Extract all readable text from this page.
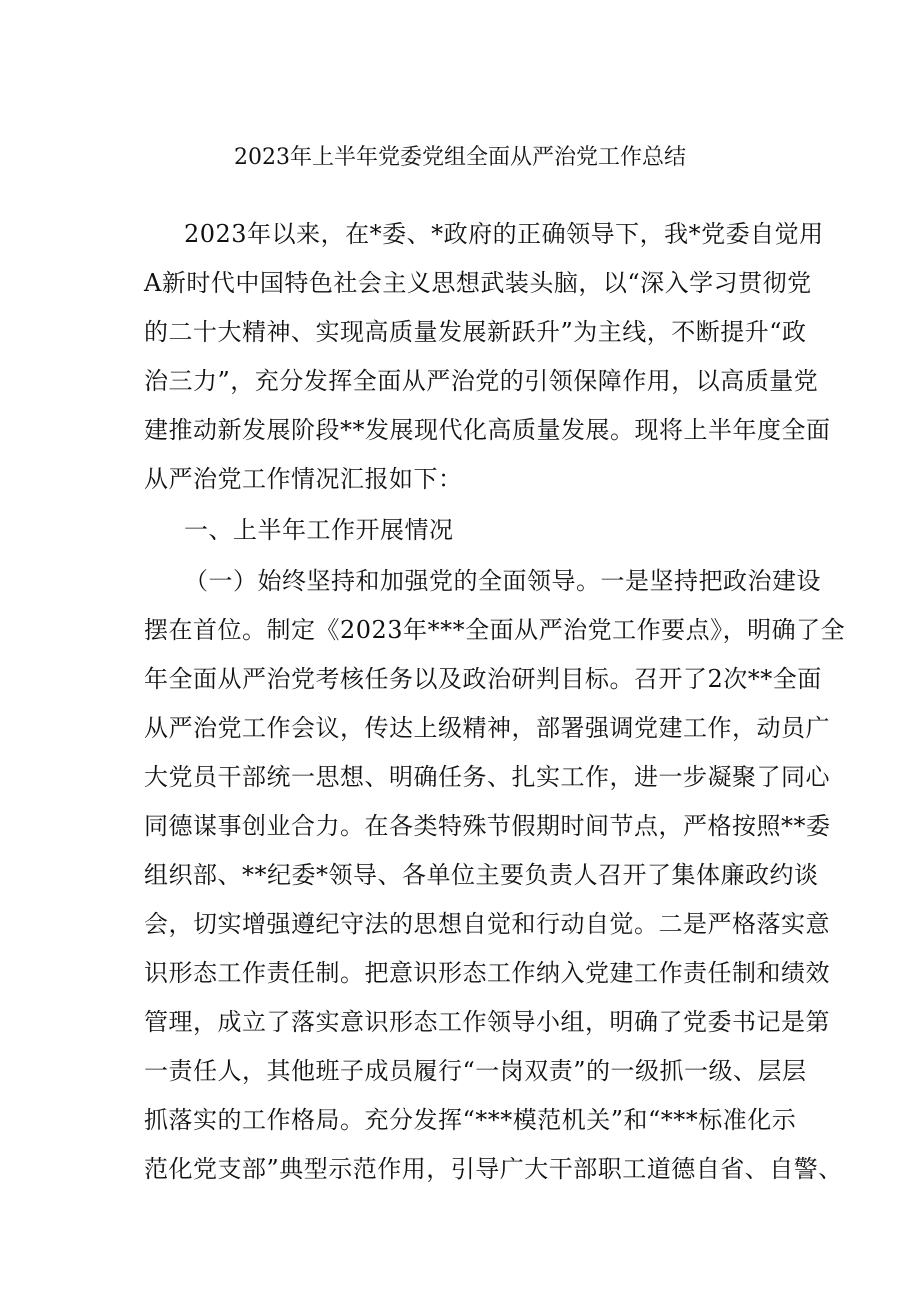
2023年上半年党委党组全面从严治党工作总结
2023年以来，在*委、*政府的正确领导下，我*党委自觉用
A新时代中国特色社会主义思想武装头脑，以“深入学习贯彻党
的二十大精神、实现高质量发展新跃升”为主线，不断提升“政
治三力”，充分发挥全面从严治党的引领保障作用，以高质量党
建推动新发展阶段**发展现代化高质量发展。现将上半年度全面
从严治党工作情况汇报如下：
一、上半年工作开展情况
（一）始终坚持和加强党的全面领导。一是坚持把政治建设
摆在首位。制定《2023年***全面从严治党工作要点》，明确了全
年全面从严治党考核任务以及政治研判目标。召开了2次**全面
从严治党工作会议，传达上级精神，部署强调党建工作，动员广
大党员干部统一思想、明确任务、扎实工作，进一步凝聚了同心
同德谋事创业合力。在各类特殊节假期时间节点，严格按照**委
组织部、**纪委*领导、各单位主要负责人召开了集体廉政约谈
会，切实增强遵纪守法的思想自觉和行动自觉。二是严格落实意
识形态工作责任制。把意识形态工作纳入党建工作责任制和绩效
管理，成立了落实意识形态工作领导小组，明确了党委书记是第
一责任人，其他班子成员履行“一岗双责”的一级抓一级、层层
抓落实的工作格局。充分发挥“***模范机关”和“***标准化示
范化党支部”典型示范作用，引导广大干部职工道德自省、自警、
